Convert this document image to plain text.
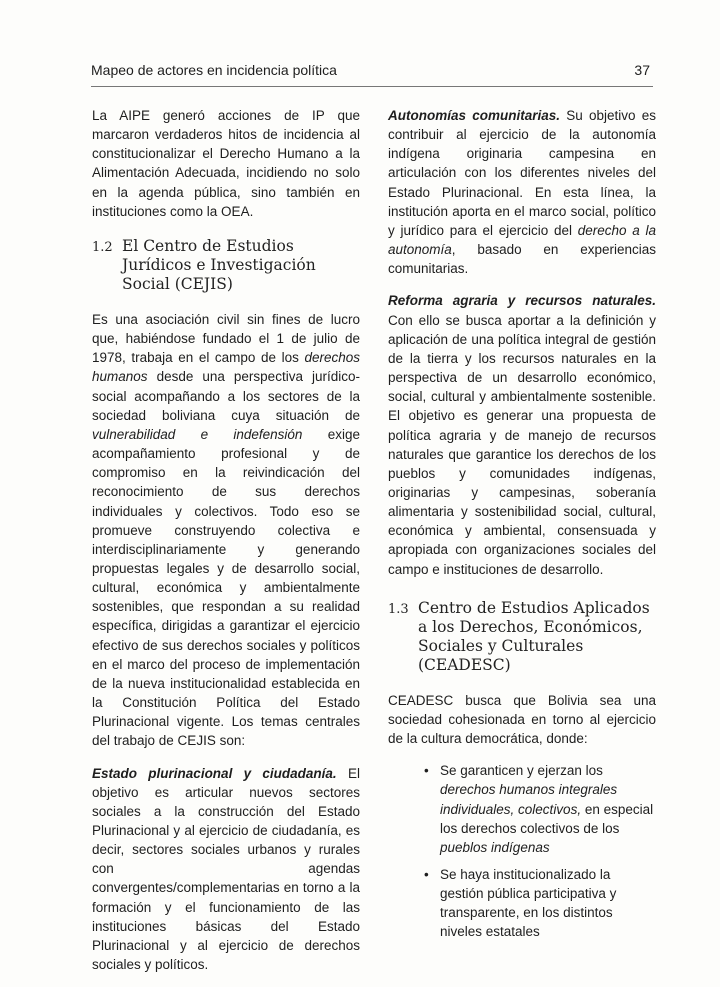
Mapeo de actores en incidencia política	37

La AIPE generó acciones de IP que marcaron verdaderos hitos de incidencia al constitucionalizar el Derecho Humano a la Alimentación Adecuada, incidiendo no solo en la agenda pública, sino también en instituciones como la OEA.

1.2 El Centro de Estudios Jurídicos e Investigación Social (CEJIS)

Es una asociación civil sin fines de lucro que, habiéndose fundado el 1 de julio de 1978, trabaja en el campo de los derechos humanos desde una perspectiva jurídico-social acompañando a los sectores de la sociedad boliviana cuya situación de vulnerabilidad e indefensión exige acompañamiento profesional y de compromiso en la reivindicación del reconocimiento de sus derechos individuales y colectivos. Todo eso se promueve construyendo colectiva e interdisciplinariamente y generando propuestas legales y de desarrollo social, cultural, económica y ambientalmente sostenibles, que respondan a su realidad específica, dirigidas a garantizar el ejercicio efectivo de sus derechos sociales y políticos en el marco del proceso de implementación de la nueva institucionalidad establecida en la Constitución Política del Estado Plurinacional vigente. Los temas centrales del trabajo de CEJIS son:

Estado plurinacional y ciudadanía. El objetivo es articular nuevos sectores sociales a la construcción del Estado Plurinacional y al ejercicio de ciudadanía, es decir, sectores sociales urbanos y rurales con agendas convergentes/complementarias en torno a la formación y el funcionamiento de las instituciones básicas del Estado Plurinacional y al ejercicio de derechos sociales y políticos.

Autonomías comunitarias. Su objetivo es contribuir al ejercicio de la autonomía indígena originaria campesina en articulación con los diferentes niveles del Estado Plurinacional. En esta línea, la institución aporta en el marco social, político y jurídico para el ejercicio del derecho a la autonomía, basado en experiencias comunitarias.

Reforma agraria y recursos naturales. Con ello se busca aportar a la definición y aplicación de una política integral de gestión de la tierra y los recursos naturales en la perspectiva de un desarrollo económico, social, cultural y ambientalmente sostenible. El objetivo es generar una propuesta de política agraria y de manejo de recursos naturales que garantice los derechos de los pueblos y comunidades indígenas, originarias y campesinas, soberanía alimentaria y sostenibilidad social, cultural, económica y ambiental, consensuada y apropiada con organizaciones sociales del campo e instituciones de desarrollo.

1.3 Centro de Estudios Aplicados a los Derechos, Económicos, Sociales y Culturales (CEADESC)

CEADESC busca que Bolivia sea una sociedad cohesionada en torno al ejercicio de la cultura democrática, donde:

• Se garanticen y ejerzan los derechos humanos integrales individuales, colectivos, en especial los derechos colectivos de los pueblos indígenas
• Se haya institucionalizado la gestión pública participativa y transparente, en los distintos niveles estatales
